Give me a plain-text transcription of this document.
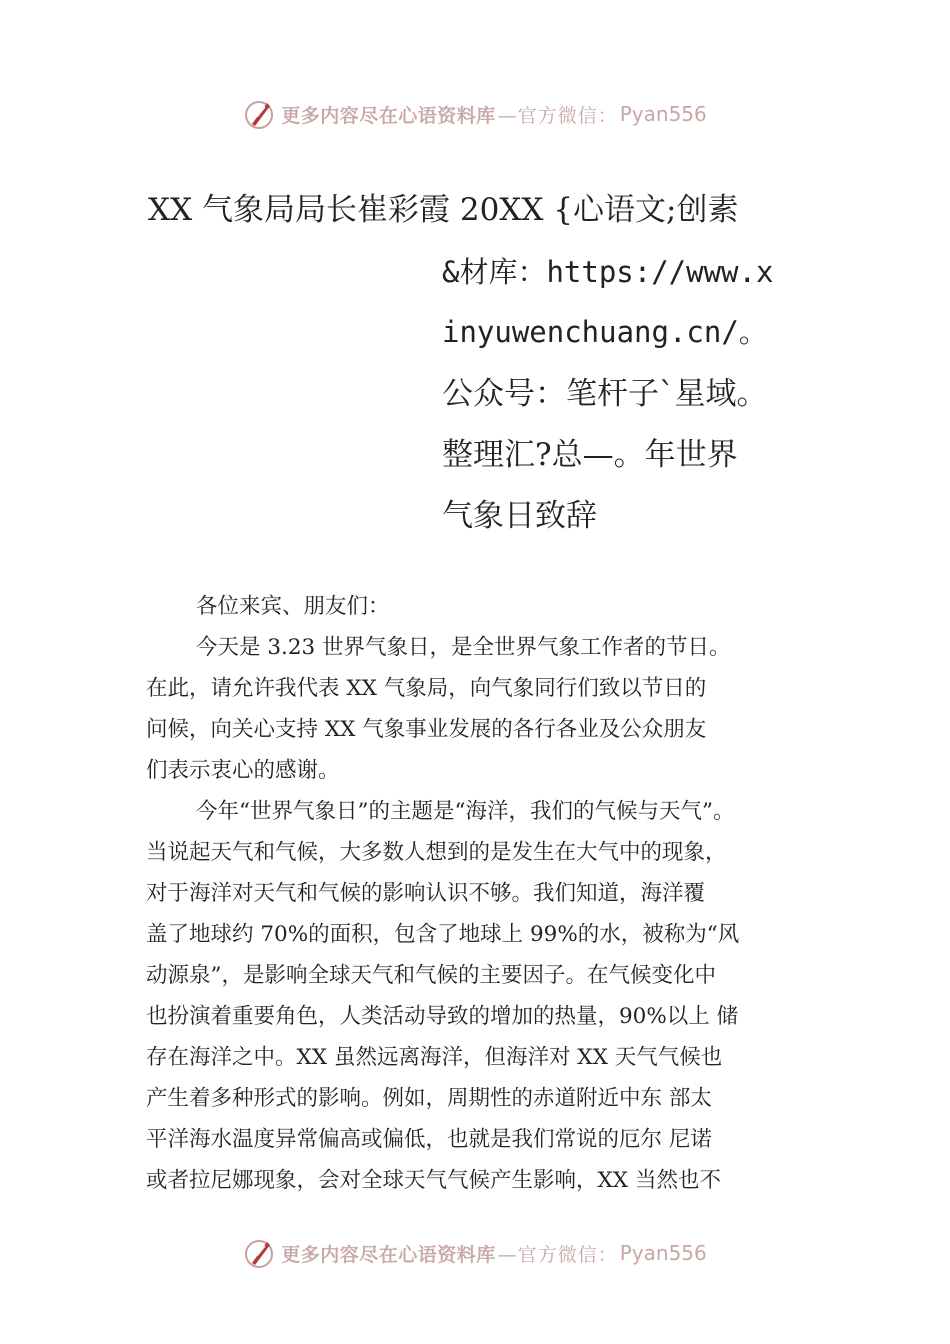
更多内容尽在心语资料库 —官方微信： Pyan556
XX 气象局局长崔彩霞 20XX {心语文;创素
&材库：https://www.x
inyuwenchuang.cn/。
公众号：笔杆子`星域。
整理汇?总—。年世界
气象日致辞
各位来宾、朋友们：
今天是 3.23 世界气象日，是全世界气象工作者的节日。
在此，请允许我代表 XX 气象局，向气象同行们致以节日的
问候，向关心支持 XX 气象事业发展的各行各业及公众朋友
们表示衷心的感谢。
今年“世界气象日”的主题是“海洋，我们的气候与天气”。
当说起天气和气候，大多数人想到的是发生在大气中的现象，
对于海洋对天气和气候的影响认识不够。我们知道，海洋覆
盖了地球约 70%的面积，包含了地球上 99%的水，被称为“风
动源泉”，是影响全球天气和气候的主要因子。在气候变化中
也扮演着重要角色，人类活动导致的增加的热量，90%以上 储
存在海洋之中。XX 虽然远离海洋，但海洋对 XX 天气气候也
产生着多种形式的影响。例如，周期性的赤道附近中东 部太
平洋海水温度异常偏高或偏低，也就是我们常说的厄尔 尼诺
或者拉尼娜现象，会对全球天气气候产生影响，XX 当然也不
更多内容尽在心语资料库 —官方微信： Pyan556
